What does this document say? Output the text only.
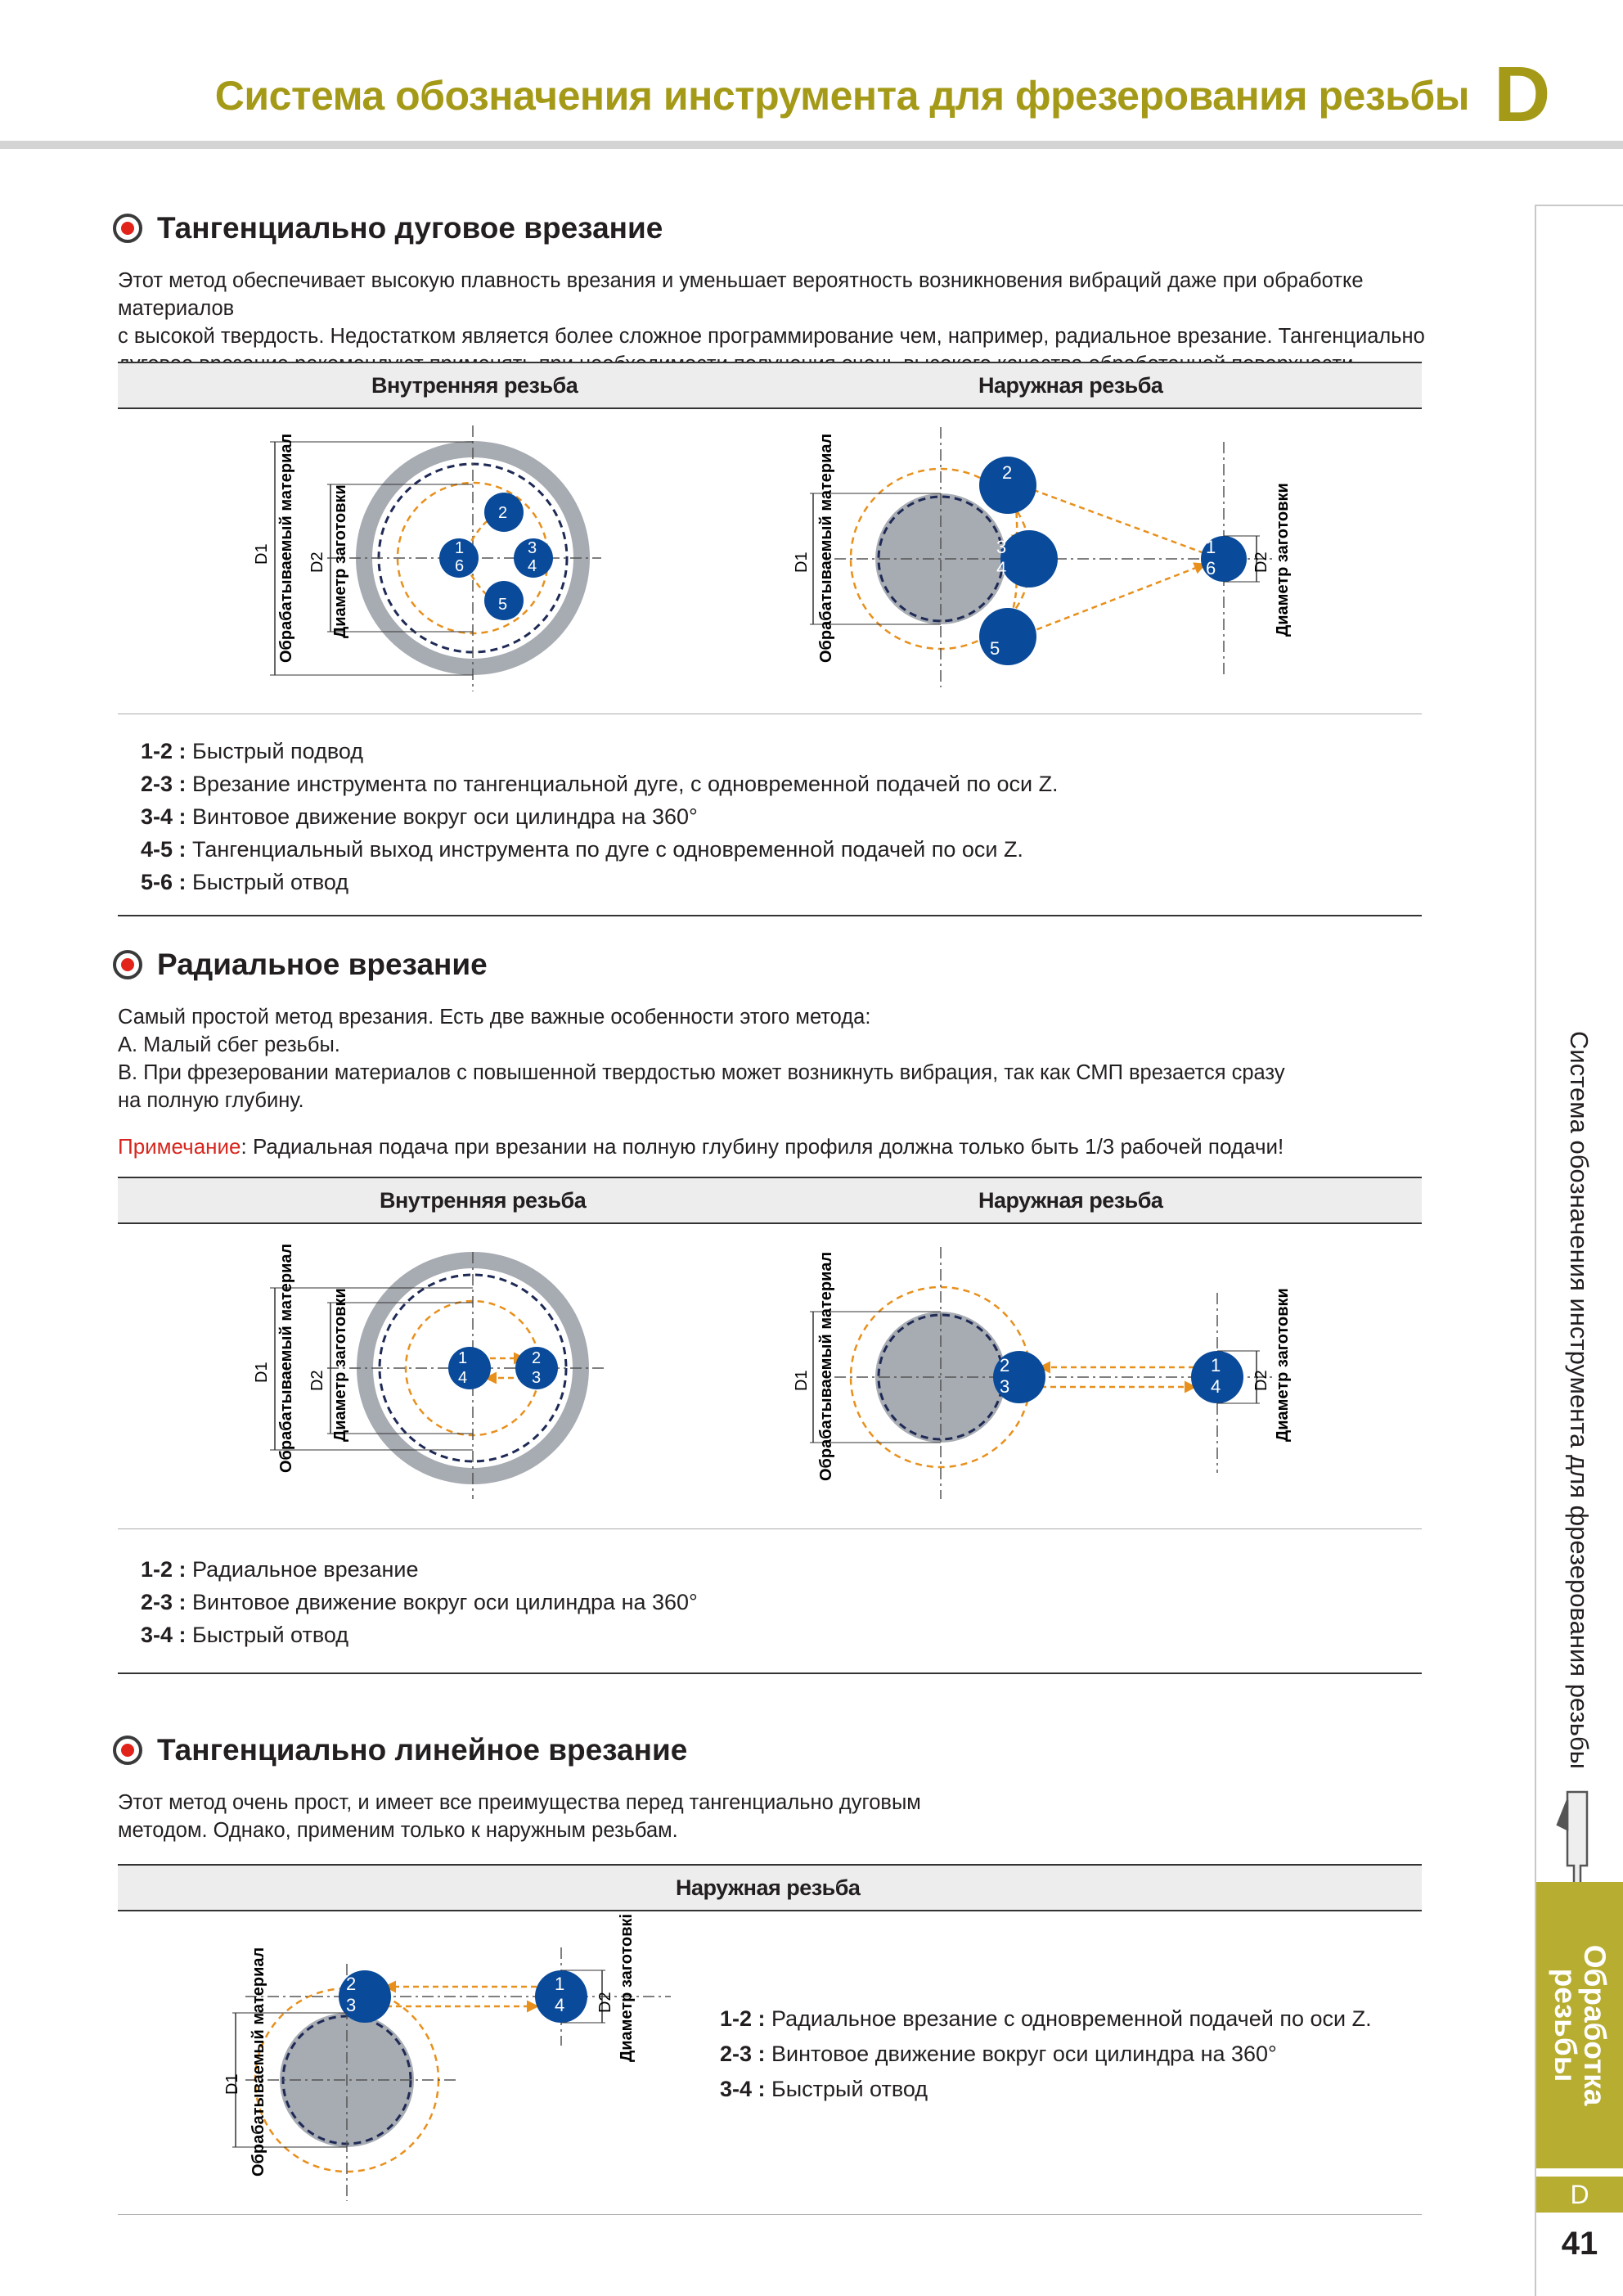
Система обозначения инструмента для фрезерования резьбы D
Система обозначения инструмента для фрезерования резьбы
Обработка
резьбы
D
41
Тангенциально дуговое врезание
Этот метод обеспечивает высокую плавность врезания и уменьшает вероятность возникновения вибраций даже при обработке материалов
с высокой твердость. Недостатком является более сложное программирование чем, например, радиальное врезание. Тангенциально
Внутренняя резьба	Наружная резьба
1-2 : Быстрый подвод
2-3 : Врезание инструмента по тангенциальной дуге, с одновременной подачей по оси Z.
3-4 : Винтовое движение вокруг оси цилиндра на 360°
4-5 : Тангенциальный выход инструмента по дуге с одновременной подачей по оси Z.
5-6 : Быстрый отвод
Радиальное врезание
Самый простой метод врезания. Есть две важные особенности этого метода:
А. Малый сбег резьбы.
В. При фрезеровании материалов с повышенной твердостью может возникнуть вибрация, так как СМП врезается сразу
на полную глубину.
Примечание: Радиальная подача при врезании на полную глубину профиля должна только быть 1/3 рабочей подачи!
Внутренняя резьба	Наружная резьба
1-2 : Радиальное врезание
2-3 : Винтовое движение вокруг оси цилиндра на 360°
3-4 : Быстрый отвод
Тангенциально линейное врезание
Этот метод очень прост, и имеет все преимущества перед тангенциально дуговым
методом. Однако, применим только к наружным резьбам.
Наружная резьба
1-2 : Радиальное врезание с одновременной подачей по оси Z.
2-3 : Винтовое движение вокруг оси цилиндра на 360°
3-4 : Быстрый отвод
1
6
2
3
4
5
D1 Обрабатываемый материал D2 Диаметр заготовки
2
3
4
5
1
6
D1 Обрабатываемый материал	D2 Диаметр заготовки
1
4
2
3
D1 Обрабатываемый материал D2 Диаметр заготовки	2
3
1
4
D1 Обрабатываемый материал	D2 Диаметр заготовки
2
3
1
4
D1 Обрабатываемый материал	D2 Диаметр заготовкі
